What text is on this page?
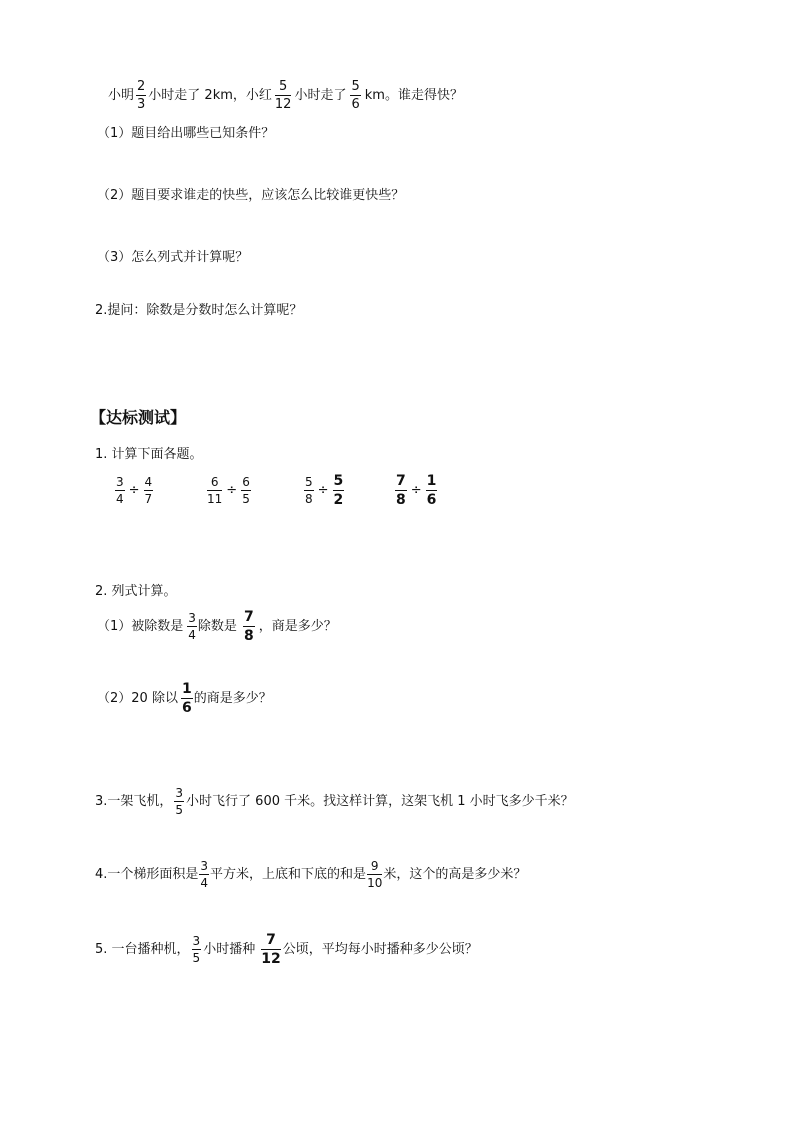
小明 $\frac{2}{3}$ 小时走了 2km，小红 $\frac{5}{12}$ 小时走了 $\frac{5}{6}$ km。谁走得快？
（1）题目给出哪些已知条件？
（2）题目要求谁走的快些，应该怎么比较谁更快些？
（3）怎么列式并计算呢？
2.提问：除数是分数时怎么计算呢？
【达标测试】
1. 计算下面各题。
$\frac{3}{4} \div \frac{4}{7}$	$\frac{6}{11} \div \frac{6}{5}$	$\frac{5}{8} \div \frac{5}{2}$	$\frac{7}{8} \div \frac{1}{6}$
2. 列式计算。
（1）被除数是 $\frac{3}{4}$ 除数是 $\frac{7}{8}$ ，商是多少？
（2）20 除以 $\frac{1}{6}$ 的商是多少？
3.一架飞机， $\frac{3}{5}$ 小时飞行了 600 千米。找这样计算，这架飞机 1 小时飞多少千米？
4.一个梯形面积是 $\frac{3}{4}$ 平方米，上底和下底的和是 $\frac{9}{10}$ 米，这个的高是多少米？
5. 一台播种机， $\frac{3}{5}$ 小时播种 $\frac{7}{12}$ 公顷，平均每小时播种多少公顷？
